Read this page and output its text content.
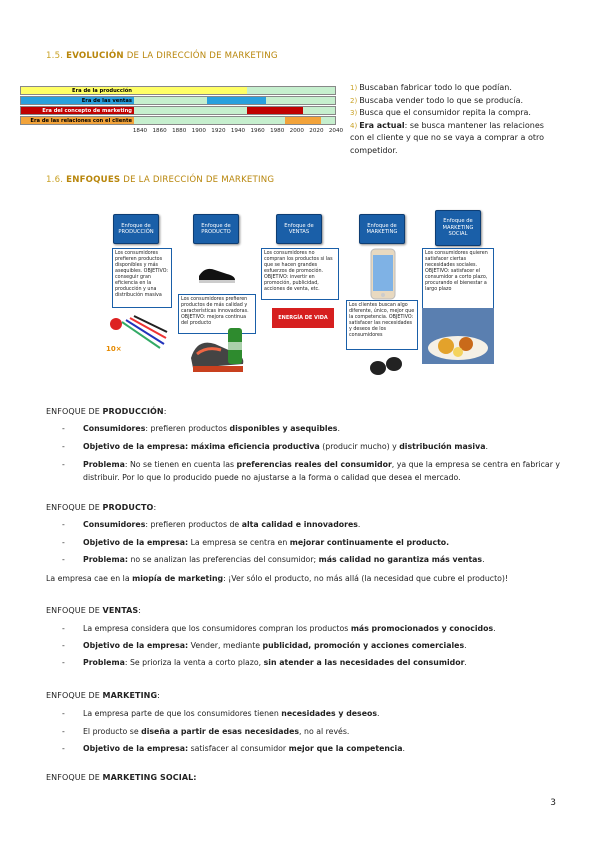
1.5. EVOLUCIÓN DE LA DIRECCIÓN DE MARKETING
Era de la producción
Era de las ventas
Era del concepto de marketing
Era de las relaciones con el cliente
1840 1860 1880 1900 1920 1940 1960 1980 2000 2020 2040
1) Buscaban fabricar todo lo que podían.
2) Buscaba vender todo lo que se producía.
3) Busca que el consumidor repita la compra.
4) Era actual: se busca mantener las relaciones con el cliente y que no se vaya a comprar a otro competidor.
1.6. ENFOQUES DE LA DIRECCIÓN DE MARKETING
Enfoque de PRODUCCIÓN
Enfoque de PRODUCTO
Enfoque de VENTAS
Enfoque de MARKETING
Enfoque de MARKETING SOCIAL
Los consumidores prefieren productos disponibles y más asequibles. OBJETIVO: conseguir gran eficiencia en la producción y una distribución masiva
Los consumidores prefieren productos de más calidad y características innovadoras. OBJETIVO: mejora continua del producto
Los consumidores no compran los productos si las que se hacen grandes esfuerzos de promoción. OBJETIVO: invertir en promoción, publicidad, acciones de venta, etc.
Los clientes buscan algo diferente, único, mejor que la competencia. OBJETIVO: satisfacer las necesidades y deseos de los consumidores
Los consumidores quieren satisfacer ciertas necesidades sociales. OBJETIVO: satisfacer el consumidor a corto plazo, procurando el bienestar a largo plazo
10×
ENERGÍA DE VIDA
ENFOQUE DE PRODUCCIÓN:
- Consumidores: prefieren productos disponibles y asequibles.
- Objetivo de la empresa: máxima eficiencia productiva (producir mucho) y distribución masiva.
- Problema: No se tienen en cuenta las preferencias reales del consumidor, ya que la empresa se centra en fabricar y distribuir. Por lo que lo producido puede no ajustarse a la forma o calidad que desea el mercado.
ENFOQUE DE PRODUCTO:
- Consumidores: prefieren productos de alta calidad e innovadores.
- Objetivo de la empresa: La empresa se centra en mejorar continuamente el producto.
- Problema: no se analizan las preferencias del consumidor; más calidad no garantiza más ventas.
La empresa cae en la miopía de marketing: ¡Ver sólo el producto, no más allá (la necesidad que cubre el producto)!
ENFOQUE DE VENTAS:
- La empresa considera que los consumidores compran los productos más promocionados y conocidos.
- Objetivo de la empresa: Vender, mediante publicidad, promoción y acciones comerciales.
- Problema: Se prioriza la venta a corto plazo, sin atender a las necesidades del consumidor.
ENFOQUE DE MARKETING:
- La empresa parte de que los consumidores tienen necesidades y deseos.
- El producto se diseña a partir de esas necesidades, no al revés.
- Objetivo de la empresa: satisfacer al consumidor mejor que la competencia.
ENFOQUE DE MARKETING SOCIAL:
3
